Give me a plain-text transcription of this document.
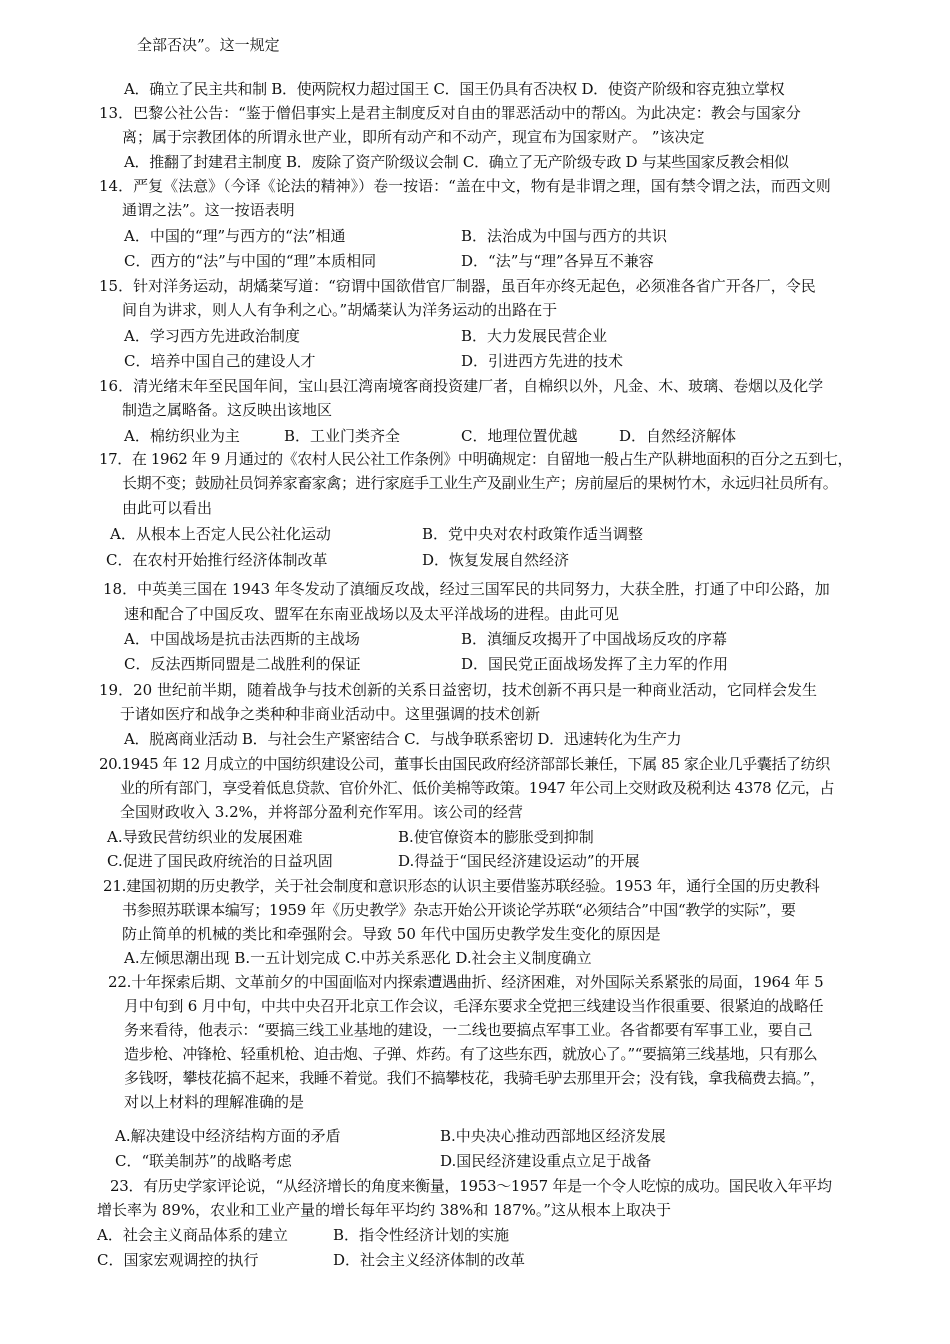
全部否决”。这一规定
A．确立了民主共和制 B．使两院权力超过国王 C．国王仍具有否决权 D．使资产阶级和容克独立掌权
13．巴黎公社公告：“鉴于僧侣事实上是君主制度反对自由的罪恶活动中的帮凶。为此决定：教会与国家分
离；属于宗教团体的所谓永世产业，即所有动产和不动产，现宣布为国家财产。 ”该决定
A．推翻了封建君主制度 B．废除了资产阶级议会制 C．确立了无产阶级专政 D 与某些国家反教会相似
14．严复《法意》（今译《论法的精神》）卷一按语：“盖在中文，物有是非谓之理，国有禁令谓之法，而西文则
通谓之法”。这一按语表明
A．中国的“理”与西方的“法”相通	B．法治成为中国与西方的共识
C．西方的“法”与中国的“理”本质相同	D．“法”与“理”各异互不兼容
15．针对洋务运动，胡燏棻写道：“窃谓中国欲借官厂制器，虽百年亦终无起色，必须准各省广开各厂，令民
间自为讲求，则人人有争利之心。”胡燏棻认为洋务运动的出路在于
A．学习西方先进政治制度	B．大力发展民营企业
C．培养中国自己的建设人才	D．引进西方先进的技术
16．清光绪末年至民国年间，宝山县江湾南境客商投资建厂者，自棉织以外，凡金、木、玻璃、卷烟以及化学
制造之属略备。这反映出该地区
A．棉纺织业为主	B．工业门类齐全	C．地理位置优越	D．自然经济解体
17．在 1962 年 9 月通过的《农村人民公社工作条例》中明确规定：自留地一般占生产队耕地面积的百分之五到七，
长期不变；鼓励社员饲养家畜家禽；进行家庭手工业生产及副业生产；房前屋后的果树竹木，永远归社员所有。
由此可以看出
A．从根本上否定人民公社化运动	B．党中央对农村政策作适当调整
C．在农村开始推行经济体制改革	D．恢复发展自然经济
18．中英美三国在 1943 年冬发动了滇缅反攻战，经过三国军民的共同努力，大获全胜，打通了中印公路，加
速和配合了中国反攻、盟军在东南亚战场以及太平洋战场的进程。由此可见
A．中国战场是抗击法西斯的主战场	B．滇缅反攻揭开了中国战场反攻的序幕
C．反法西斯同盟是二战胜利的保证	D．国民党正面战场发挥了主力军的作用
19．20 世纪前半期，随着战争与技术创新的关系日益密切，技术创新不再只是一种商业活动，它同样会发生
于诸如医疗和战争之类种种非商业活动中。这里强调的技术创新
A．脱离商业活动 B．与社会生产紧密结合 C．与战争联系密切 D．迅速转化为生产力
20.1945 年 12 月成立的中国纺织建设公司，董事长由国民政府经济部部长兼任，下属 85 家企业几乎囊括了纺织
业的所有部门，享受着低息贷款、官价外汇、低价美棉等政策。1947 年公司上交财政及税利达 4378 亿元，占
全国财政收入 3.2%，并将部分盈利充作军用。该公司的经营
A.导致民营纺织业的发展困难	B.使官僚资本的膨胀受到抑制
C.促进了国民政府统治的日益巩固	D.得益于“国民经济建设运动”的开展
21.建国初期的历史教学，关于社会制度和意识形态的认识主要借鉴苏联经验。1953 年，通行全国的历史教科
书参照苏联课本编写；1959 年《历史教学》杂志开始公开谈论学苏联“必须结合”中国“教学的实际”，要
防止简单的机械的类比和牵强附会。导致 50 年代中国历史教学发生变化的原因是
A.左倾思潮出现 B.一五计划完成 C.中苏关系恶化 D.社会主义制度确立
22.十年探索后期、文革前夕的中国面临对内探索遭遇曲折、经济困难，对外国际关系紧张的局面，1964 年 5
月中旬到 6 月中旬，中共中央召开北京工作会议，毛泽东要求全党把三线建设当作很重要、很紧迫的战略任
务来看待，他表示：“要搞三线工业基地的建设，一二线也要搞点军事工业。各省都要有军事工业，要自己
造步枪、冲锋枪、轻重机枪、迫击炮、子弹、炸药。有了这些东西，就放心了。”“要搞第三线基地，只有那么
多钱呀，攀枝花搞不起来，我睡不着觉。我们不搞攀枝花，我骑毛驴去那里开会；没有钱，拿我稿费去搞。”，
对以上材料的理解准确的是
A.解决建设中经济结构方面的矛盾	B.中央决心推动西部地区经济发展
C．“联美制苏”的战略考虑	D.国民经济建设重点立足于战备
23．有历史学家评论说，“从经济增长的角度来衡量，1953～1957 年是一个令人吃惊的成功。国民收入年平均
增长率为 89%，农业和工业产量的增长每年平均约 38%和 187%。”这从根本上取决于
A．社会主义商品体系的建立	B．指令性经济计划的实施
C．国家宏观调控的执行	D．社会主义经济体制的改革
